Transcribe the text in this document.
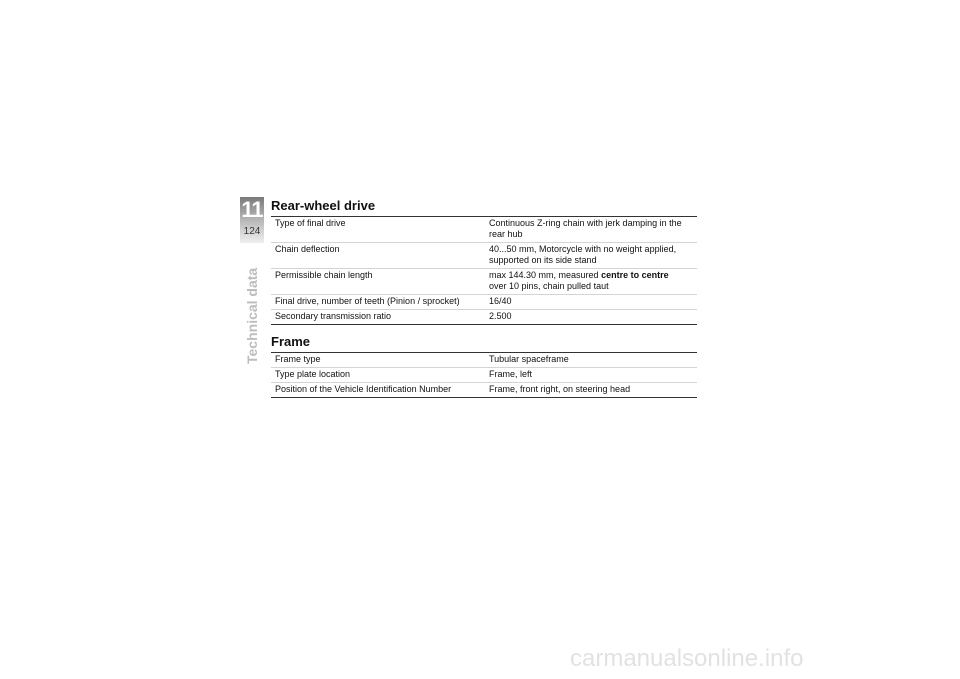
11
124
Technical data
Rear-wheel drive
Type of final drive	Continuous Z-ring chain with jerk damping in the rear hub
Chain deflection	40...50 mm, Motorcycle with no weight applied, supported on its side stand
Permissible chain length	max 144.30 mm, measured centre to centre
over 10 pins, chain pulled taut
Final drive, number of teeth (Pinion / sprocket)	16/40
Secondary transmission ratio	2.500
Frame
Frame type	Tubular spaceframe
Type plate location	Frame, left
Position of the Vehicle Identification Number	Frame, front right, on steering head
carmanualsonline.info
